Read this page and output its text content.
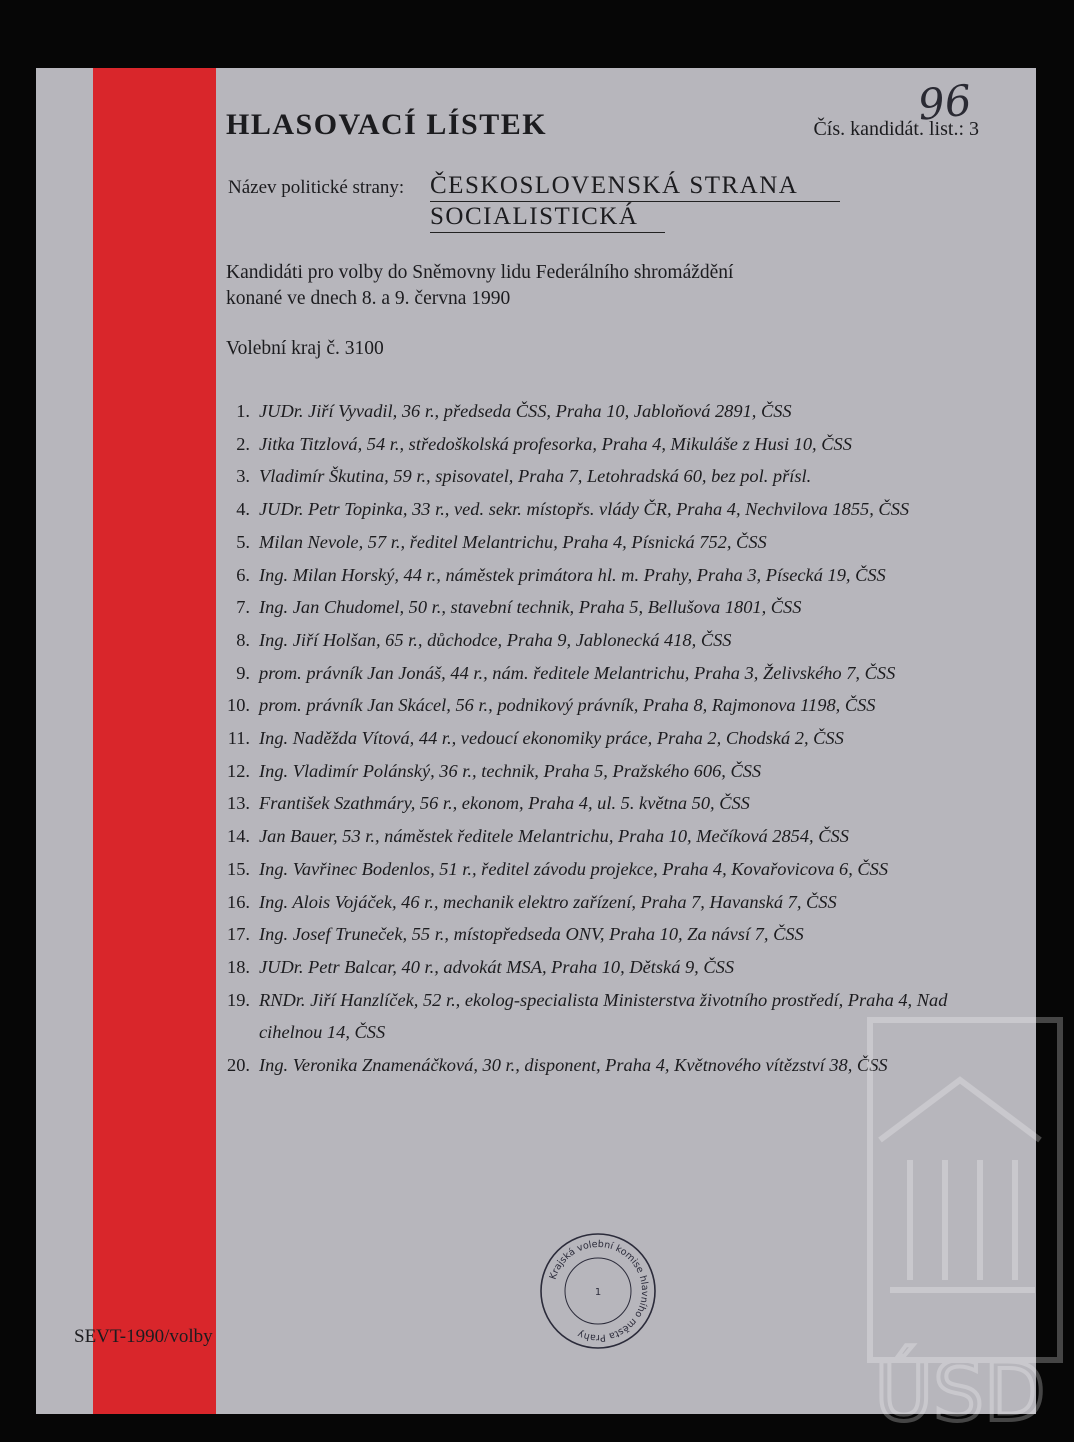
96
HLASOVACÍ LÍSTEK	Čís. kandidát. list.: 3
Název politické strany: ČESKOSLOVENSKÁ STRANA
SOCIALISTICKÁ
Kandidáti pro volby do Sněmovny lidu Federálního shromáždění
konané ve dnech 8. a 9. června 1990
Volební kraj č. 3100
1. JUDr. Jiří Vyvadil, 36 r., předseda ČSS, Praha 10, Jabloňová 2891, ČSS
2. Jitka Titzlová, 54 r., středoškolská profesorka, Praha 4, Mikuláše z Husi 10, ČSS
3. Vladimír Škutina, 59 r., spisovatel, Praha 7, Letohradská 60, bez pol. přísl.
4. JUDr. Petr Topinka, 33 r., ved. sekr. místopřs. vlády ČR, Praha 4, Nechvilova 1855, ČSS
5. Milan Nevole, 57 r., ředitel Melantrichu, Praha 4, Písnická 752, ČSS
6. Ing. Milan Horský, 44 r., náměstek primátora hl. m. Prahy, Praha 3, Písecká 19, ČSS
7. Ing. Jan Chudomel, 50 r., stavební technik, Praha 5, Bellušova 1801, ČSS
8. Ing. Jiří Holšan, 65 r., důchodce, Praha 9, Jablonecká 418, ČSS
9. prom. právník Jan Jonáš, 44 r., nám. ředitele Melantrichu, Praha 3, Želivského 7, ČSS
10. prom. právník Jan Skácel, 56 r., podnikový právník, Praha 8, Rajmonova 1198, ČSS
11. Ing. Naděžda Vítová, 44 r., vedoucí ekonomiky práce, Praha 2, Chodská 2, ČSS
12. Ing. Vladimír Polánský, 36 r., technik, Praha 5, Pražského 606, ČSS
13. František Szathmáry, 56 r., ekonom, Praha 4, ul. 5. května 50, ČSS
14. Jan Bauer, 53 r., náměstek ředitele Melantrichu, Praha 10, Mečíková 2854, ČSS
15. Ing. Vavřinec Bodenlos, 51 r., ředitel závodu projekce, Praha 4, Kovařovicova 6, ČSS
16. Ing. Alois Vojáček, 46 r., mechanik elektro zařízení, Praha 7, Havanská 7, ČSS
17. Ing. Josef Truneček, 55 r., místopředseda ONV, Praha 10, Za návsí 7, ČSS
18. JUDr. Petr Balcar, 40 r., advokát MSA, Praha 10, Dětská 9, ČSS
19. RNDr. Jiří Hanzlíček, 52 r., ekolog-specialista Ministerstva životního prostředí, Praha 4, Nad cihelnou 14, ČSS
20. Ing. Veronika Znamenáčková, 30 r., disponent, Praha 4, Květnového vítězství 38, ČSS
SEVT-1990/volby
Krajská volební komise hlavního města Prahy
1
ÚSD
